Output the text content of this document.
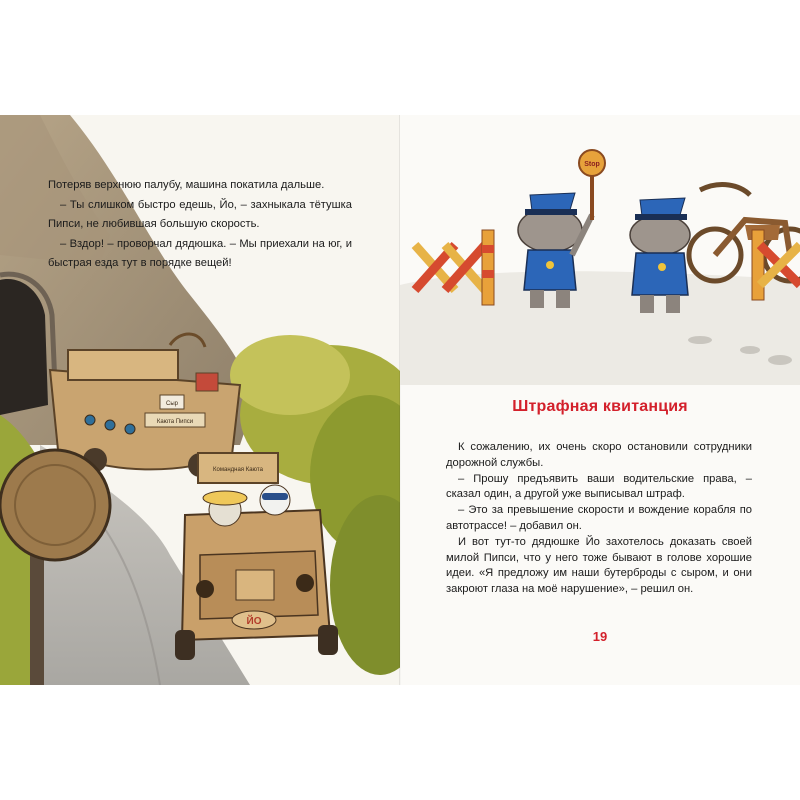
Каюта Пипси
Сыр
Командная Каюта
ЙО

Потеряв верхнюю палубу, машина покатила дальше.

– Ты слишком быстро едешь, Йо, – захныкала тётушка Пипси, не любившая большую скорость.

– Вздор! – проворчал дядюшка. – Мы приехали на юг, и быстрая езда тут в порядке вещей!

Stop
Штрафная квитанция

К сожалению, их очень скоро остановили сотрудники дорожной службы.

– Прошу предъявить ваши водительские права, – сказал один, а другой уже выписывал штраф.

– Это за превышение скорости и вождение корабля по автотрассе! – добавил он.

И вот тут-то дядюшке Йо захотелось доказать своей милой Пипси, что у него тоже бывают в голове хорошие идеи. «Я предложу им наши бутерброды с сыром, и они закроют глаза на моё нарушение», – решил он.

19
